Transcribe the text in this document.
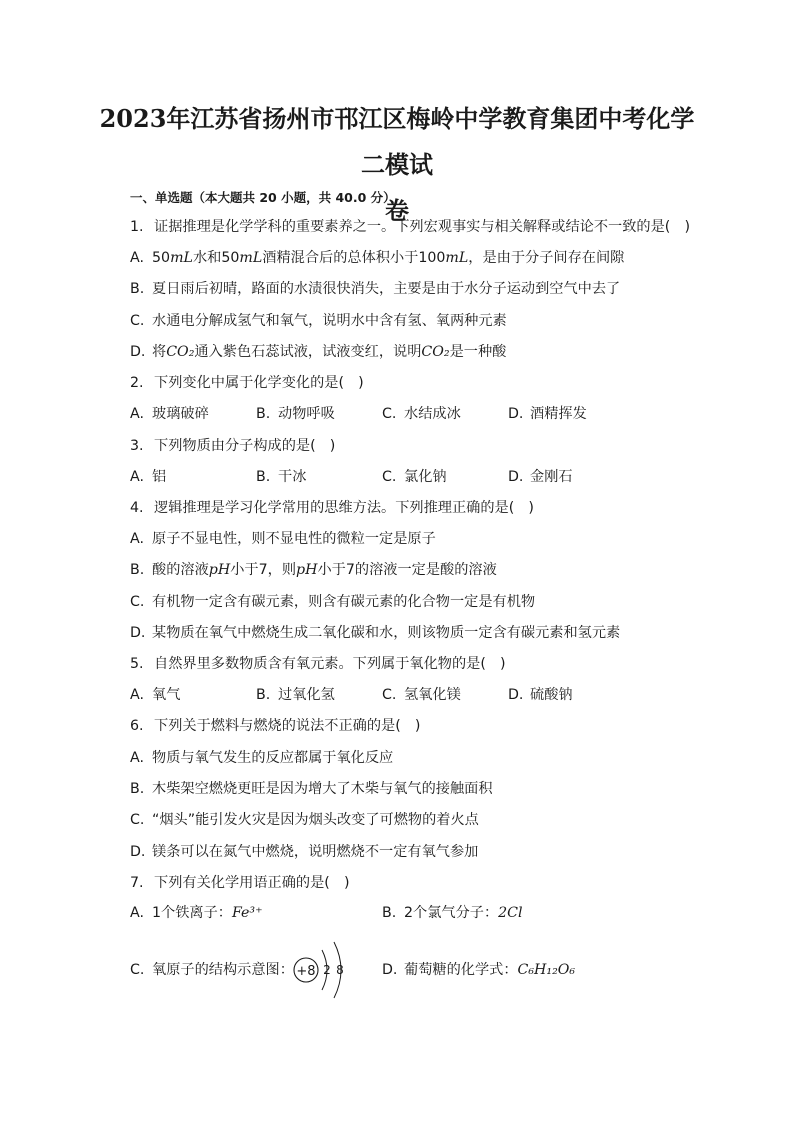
2023年江苏省扬州市邗江区梅岭中学教育集团中考化学二模试
卷
一、单选题（本大题共 20 小题，共 40.0 分）
1. 证据推理是化学学科的重要素养之一。下列宏观事实与相关解释或结论不一致的是(　)
A. 50mL水和50mL酒精混合后的总体积小于100mL，是由于分子间存在间隙
B. 夏日雨后初晴，路面的水渍很快消失，主要是由于水分子运动到空气中去了
C. 水通电分解成氢气和氧气，说明水中含有氢、氧两种元素
D. 将CO₂通入紫色石蕊试液，试液变红，说明CO₂是一种酸
2. 下列变化中属于化学变化的是(　)
A. 玻璃破碎	B. 动物呼吸	C. 水结成冰	D. 酒精挥发
3. 下列物质由分子构成的是(　)
A. 铝	B. 干冰	C. 氯化钠	D. 金刚石
4. 逻辑推理是学习化学常用的思维方法。下列推理正确的是(　)
A. 原子不显电性，则不显电性的微粒一定是原子
B. 酸的溶液pH小于7，则pH小于7的溶液一定是酸的溶液
C. 有机物一定含有碳元素，则含有碳元素的化合物一定是有机物
D. 某物质在氧气中燃烧生成二氧化碳和水，则该物质一定含有碳元素和氢元素
5. 自然界里多数物质含有氧元素。下列属于氧化物的是(　)
A. 氧气	B. 过氧化氢	C. 氢氧化镁	D. 硫酸钠
6. 下列关于燃料与燃烧的说法不正确的是(　)
A. 物质与氧气发生的反应都属于氧化反应
B. 木柴架空燃烧更旺是因为增大了木柴与氧气的接触面积
C. “烟头”能引发火灾是因为烟头改变了可燃物的着火点
D. 镁条可以在氮气中燃烧，说明燃烧不一定有氧气参加
7. 下列有关化学用语正确的是(　)
A. 1个铁离子：Fe³⁺	B. 2个氯气分子：2Cl
C. 氧原子的结构示意图： +8 2 8	D. 葡萄糖的化学式：C₆H₁₂O₆
